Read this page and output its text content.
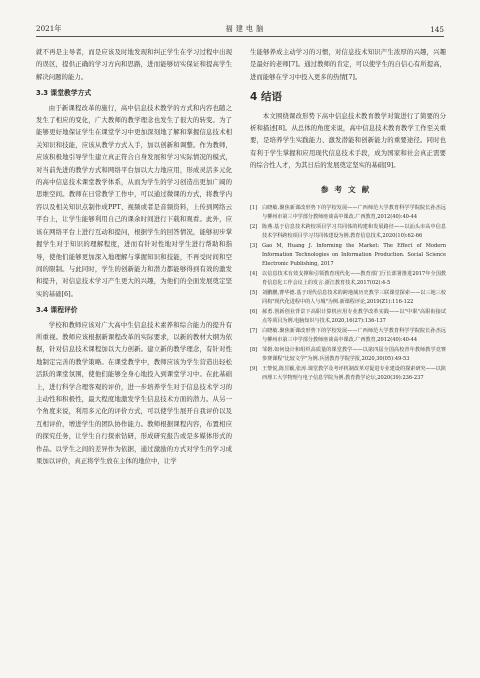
2021年	福建电脑	145

就不再是主导者，而是应该及时地发现和纠正学生在学习过程中出现的误区，提供正确的学习方向和思路，进而能够切实保证和提高学生解决问题的能力。

3.3 课堂教学方式

由于新课程改革的施行，高中信息技术教学的方式和内容也随之发生了相应的变化，广大教师的教学理念也发生了很大的转变。为了能够更好地保证学生在课堂学习中更加深刻地了解和掌握信息技术相关知识和技能，应该从教学方式入手，加以创新和调整。作为教师，应该积极地引导学生建立真正符合自身发展和学习实际情况的模式，对当前先进的教学方式和网络平台加以大力地应用，形成灵活多元化的高中信息技术课堂教学体系，从而为学生的学习创造出更加广阔的思维空间。教师在日常教学工作中，可以通过微课的方式，将教学内容以及相关知识点制作成PPT、视频或者是音频资料，上传到网络云平台上，让学生能够利用自己的课余时间进行下载和观看。此外，应该在网络平台上进行互动和提问，根据学生的回答情况，能够初步掌握学生对于知识的理解程度，进而有针对性地对学生进行帮助和指导，使他们能够更加深入地理解与掌握知识和技能，不再受时间和空间的限制。与此同时，学生的创新能力和潜力都能够得到有效的激发和提升，对信息技术学习产生更大的兴趣，为他们的全面发展奠定坚实的基础[6]。

3.4 课程评价

学校和教师应该对广大高中生信息技术素养和综合能力的提升有所重视。教师应该根据新课程改革的实际要求，以新的教材大纲为依据，针对信息技术课程加以大力创新。建立新的教学理念，有针对性地制定完善的教学策略。在课堂教学中，教师应该为学生营造出轻松活跃的课堂氛围，使他们能够全身心地投入到课堂学习中。在此基础上，进行科学合理客观的评价，进一步培养学生对于信息技术学习的主动性和积极性，最大程度地激发学生信息技术方面的潜力。从另一个角度来说，利用多元化的评价方式，可以使学生展开自我评价以及互相评价，增进学生的团队协作能力。教师根据课程内容，布置相应的探究任务，让学生自行探索钻研，形成研究报告或是多媒体形式的作品。以学生之间的差异作为依据，通过激励的方式对学生的学习成果加以评价，真正将学生放在主体的地位中，让学

生能够养成主动学习的习惯，对信息技术知识产生浓厚的兴趣，兴趣是最好的老师[7]。通过教师的肯定，可以使学生的自信心有所提高，进而能够在学习中投入更多的热情[7]。

4 结语

本文围绕课改形势下高中信息技术教育教学对策进行了简要的分析和描述[8]。从总体的角度来说，高中信息技术教育教学工作至关重要，是培养学生实践能力、激发潜能和创新能力的重要途径。同时也有利于学生掌握和应用现代信息技术手段，成为国家和社会真正需要的综合性人才，为其日后的发展奠定坚实的基础[9]。

参考文献
[1] 白晓敏.聚焦新课改形势下的学校发展——广西师范大学教育科学学院院长孙杰远与柳州市第三中学部分教师座谈高中课改.广西教育,2012(40):40-44
[2] 陈燕.基于信息技术跨校项目学习共同体的构建和发展路径——以汕头市高中信息技术学科跨校项目学习共同体建设为例.教育信息技术,2020(10):62-66
[3] Gao M, Huang J. Informing the Market: The Effect of Modern Information Technologies on Information Production. Social Science Electronic Publishing, 2017
[4] 以信息技术有效支撑和引领教育现代化——教育部门厅长部署推进2017年全国教育信息化工作会议上的发言.浙江教育技术,2017(02):4-5
[5] 刘鹏鹏,曹华德.基于现代信息技术的跨地域历史教学三联课堂探索——以三地三校同构"现代化进程中的人与城"为例.新课程评论,2019(Z1):116-122
[6] 郝勇.创新创业背景下高职计算机应用专业教学改革实践——以"中职"高职衔接试点等项目为例.电脑知识与技术,2020,16(27):136-137
[7] 白晓敏.聚焦新课改形势下的学校发展——广西师范大学教育科学学院院长孙杰远与柳州市第三中学部分教师座谈高中课改.广西教育,2012(40):40-44
[8] 邹磐.如何设计和组织高质量的课堂教学——以第四届全国高校青年教师教学竞赛参赛课程"比较文学"为例.兵团教育学院学报,2020,30(05):49-53
[9] 王黎悦,陈昱颖,张涛.课堂教学及考评机制改革对促进专业建设的探索研究——以陕西理工大学物理与电子信息学院为例.教育教学论坛,2020(39):236-237
